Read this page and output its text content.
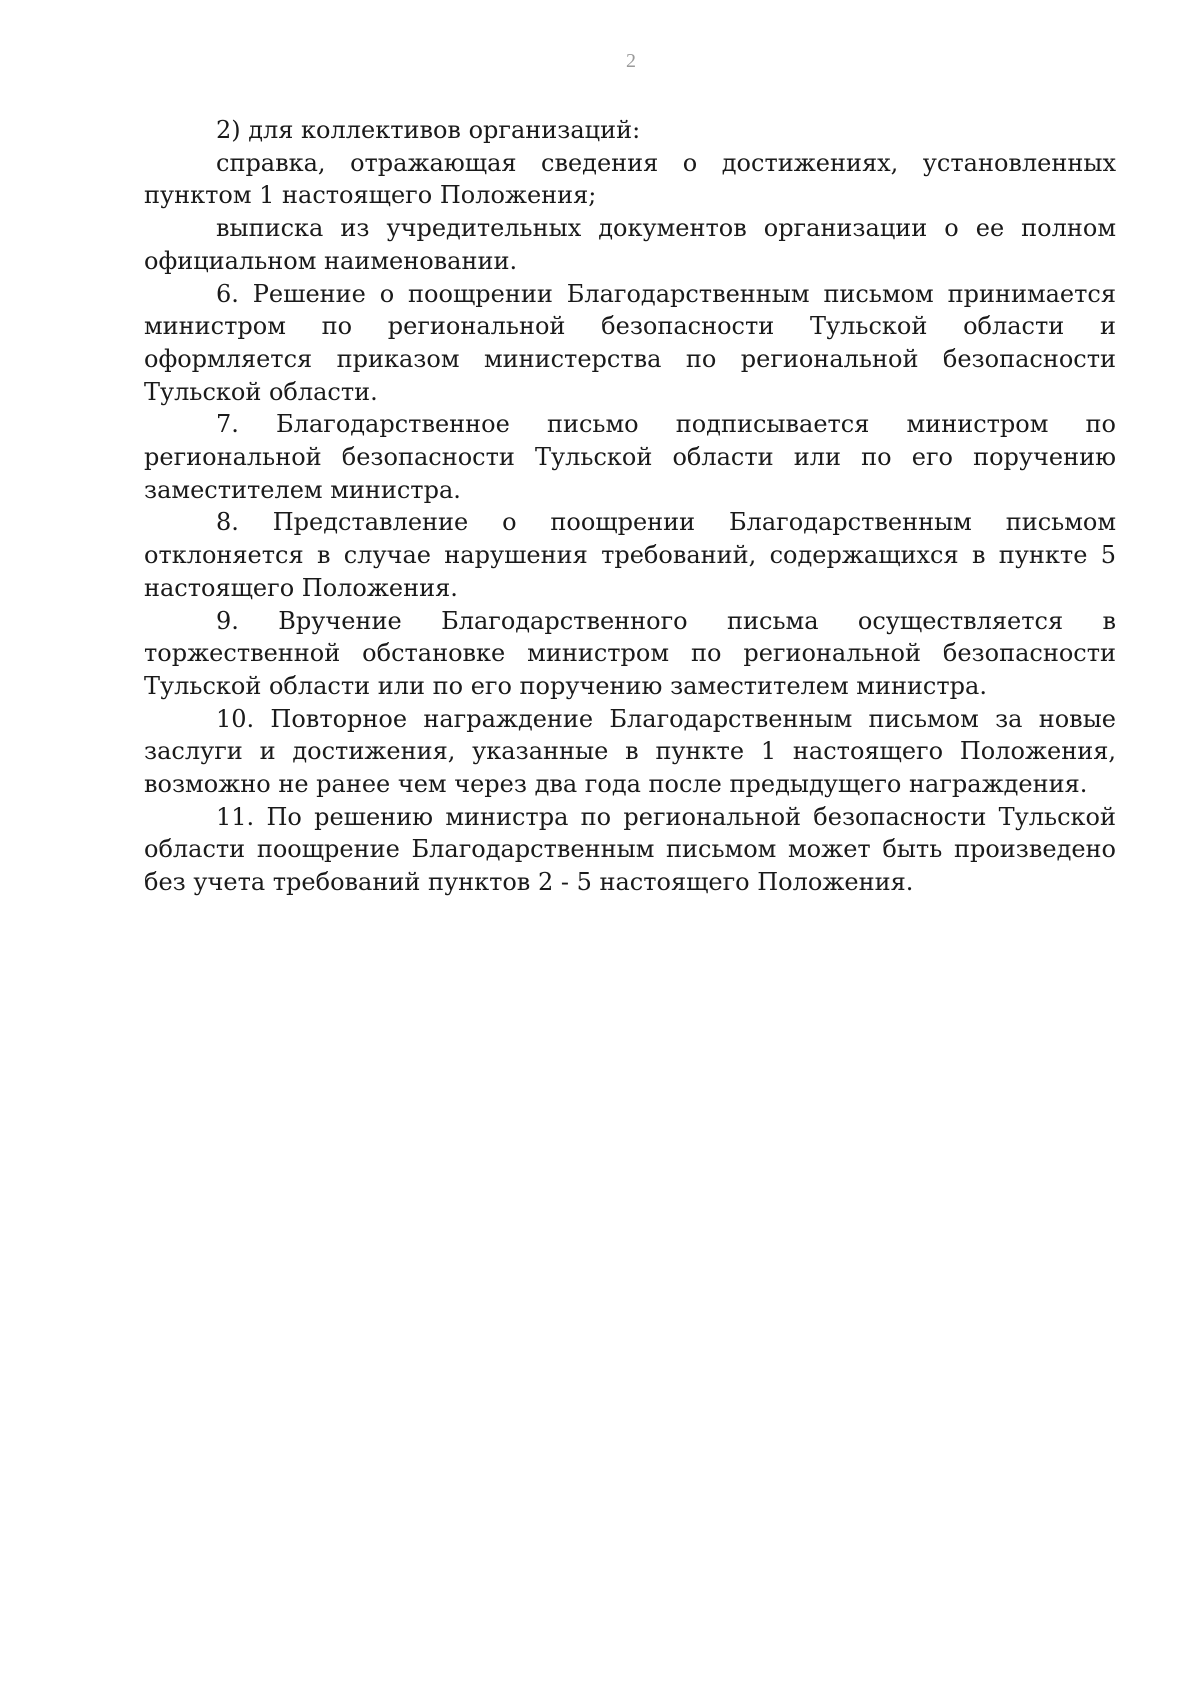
2

2) для коллективов организаций:

справка, отражающая сведения о достижениях, установленных пунктом 1 настоящего Положения;

выписка из учредительных документов организации о ее полном официальном наименовании.

6. Решение о поощрении Благодарственным письмом принимается министром по региональной безопасности Тульской области и оформляется приказом министерства по региональной безопасности Тульской области.

7. Благодарственное письмо подписывается министром по региональной безопасности Тульской области или по его поручению заместителем министра.

8. Представление о поощрении Благодарственным письмом отклоняется в случае нарушения требований, содержащихся в пункте 5 настоящего Положения.

9. Вручение Благодарственного письма осуществляется в торжественной обстановке министром по региональной безопасности Тульской области или по его поручению заместителем министра.

10. Повторное награждение Благодарственным письмом за новые заслуги и достижения, указанные в пункте 1 настоящего Положения, возможно не ранее чем через два года после предыдущего награждения.

11. По решению министра по региональной безопасности Тульской области поощрение Благодарственным письмом может быть произведено без учета требований пунктов 2 - 5 настоящего Положения.
